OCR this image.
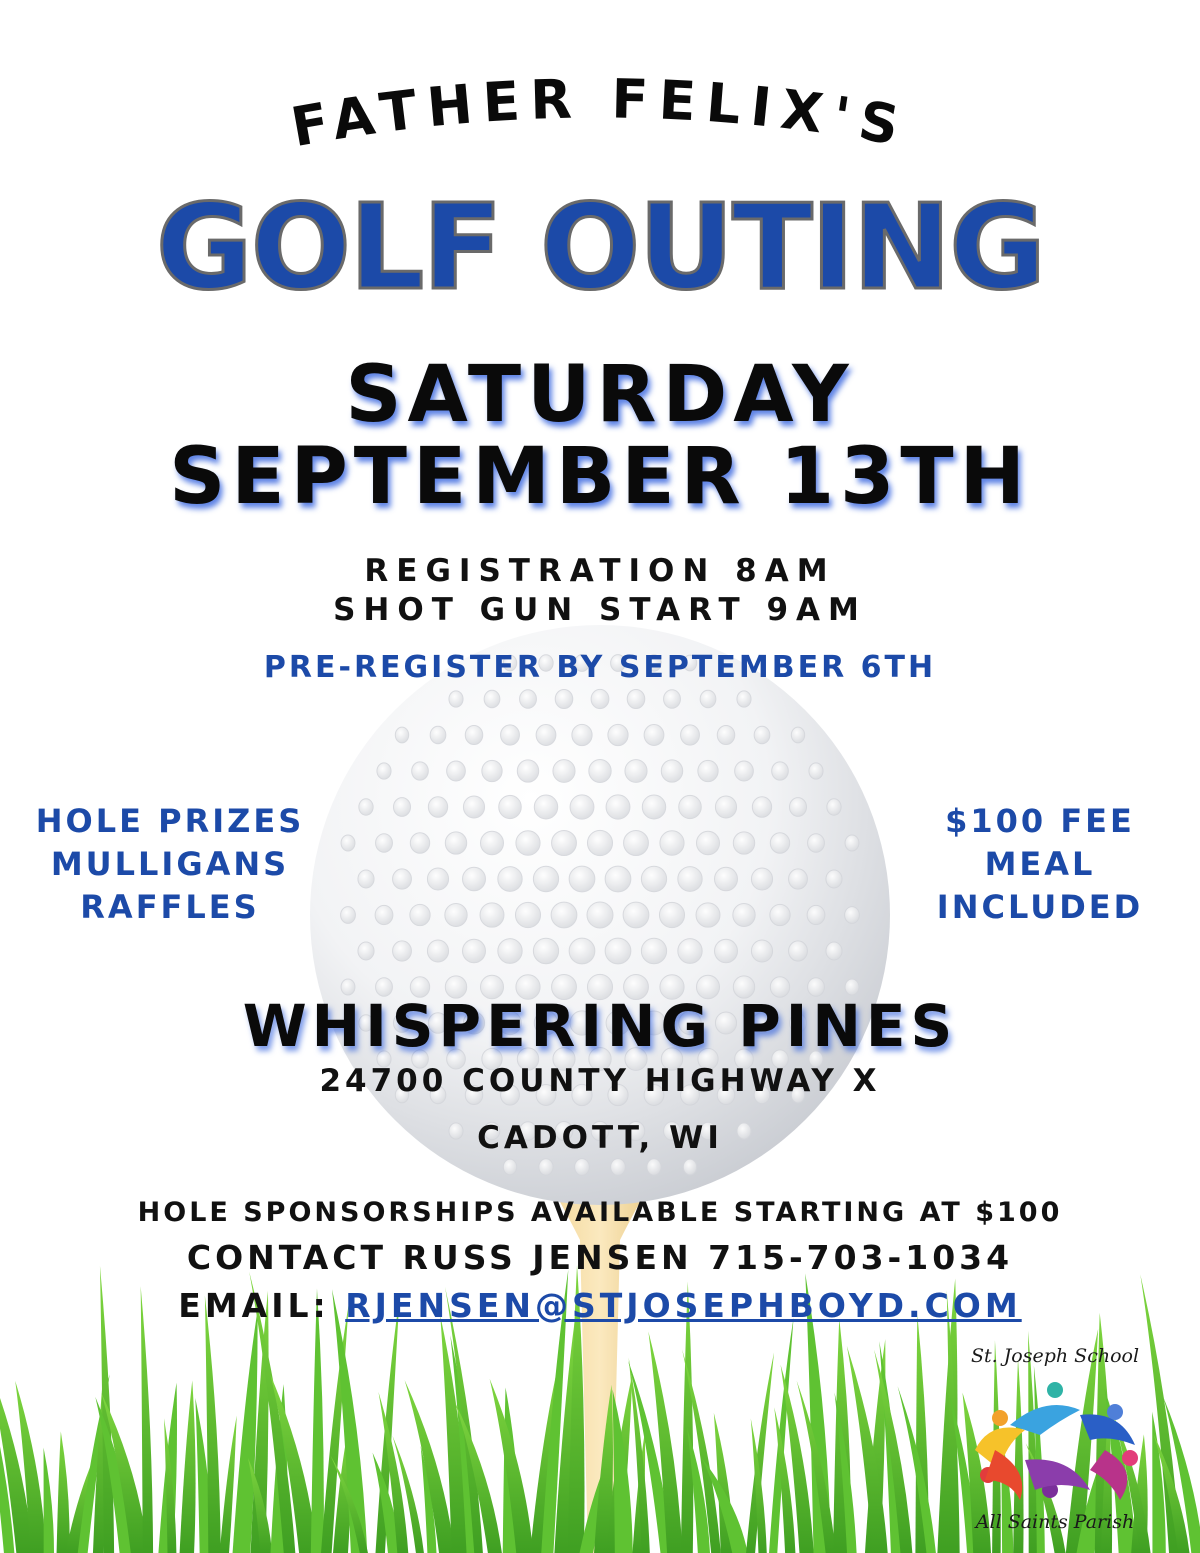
FATHER FELIX'S
GOLF OUTING
SATURDAY
SEPTEMBER 13TH
REGISTRATION 8AM
SHOT GUN START 9AM
PRE-REGISTER BY SEPTEMBER 6TH
HOLE PRIZES
MULLIGANS
RAFFLES
$100 FEE
MEAL
INCLUDED
WHISPERING PINES
24700 COUNTY HIGHWAY X
CADOTT, WI
HOLE SPONSORSHIPS AVAILABLE STARTING AT $100
CONTACT RUSS JENSEN 715-703-1034
EMAIL: RJENSEN@STJOSEPHBOYD.COM
St. Joseph School
All Saints Parish
